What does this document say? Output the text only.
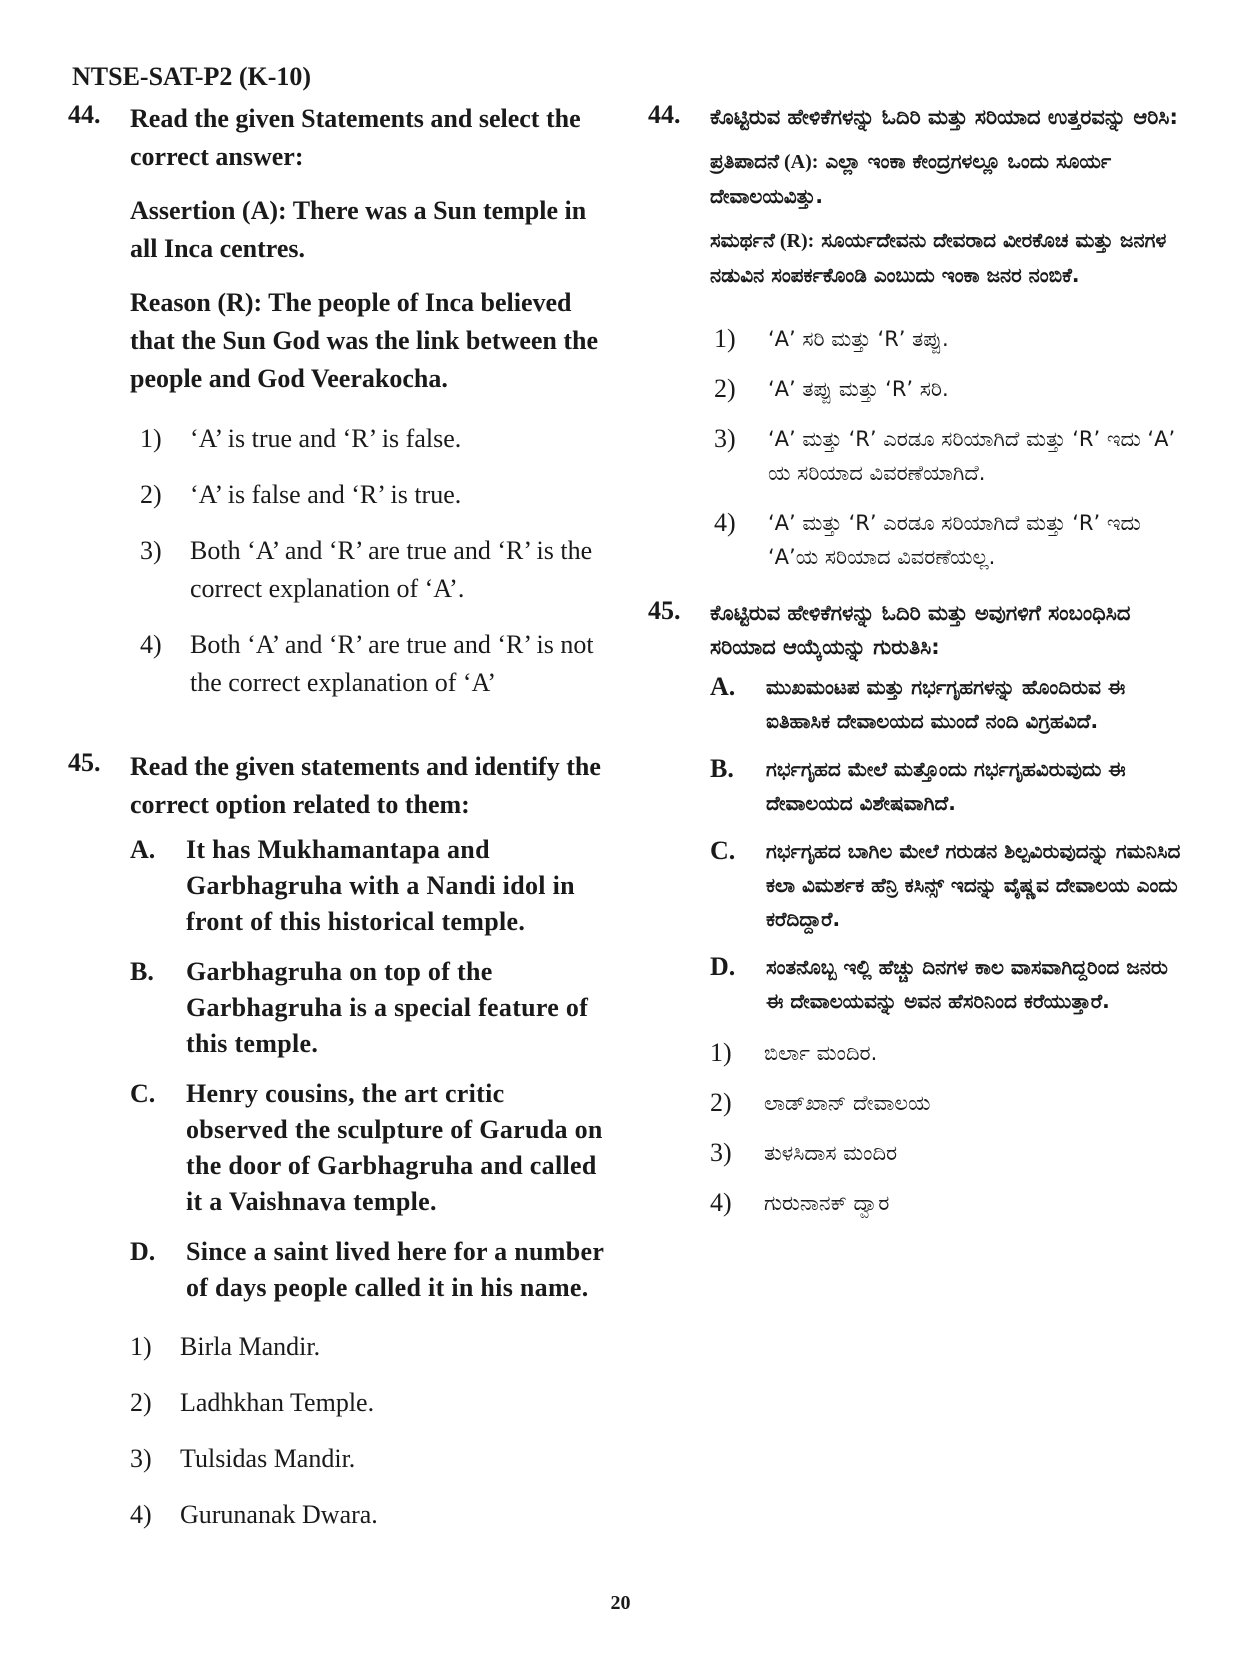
NTSE-SAT-P2 (K-10)
44. Read the given Statements and select the correct answer:
Assertion (A): There was a Sun temple in all Inca centres.
Reason (R): The people of Inca believed that the Sun God was the link between the people and God Veerakocha.
1) ‘A’ is true and ‘R’ is false.
2) ‘A’ is false and ‘R’ is true.
3) Both ‘A’ and ‘R’ are true and ‘R’ is the correct explanation of ‘A’.
4) Both ‘A’ and ‘R’ are true and ‘R’ is not the correct explanation of ‘A’
45. Read the given statements and identify the correct option related to them:
A. It has Mukhamantapa and Garbhagruha with a Nandi idol in front of this historical temple.
B. Garbhagruha on top of the Garbhagruha is a special feature of this temple.
C. Henry cousins, the art critic observed the sculpture of Garuda on the door of Garbhagruha and called it a Vaishnava temple.
D. Since a saint lived here for a number of days people called it in his name.
1) Birla Mandir.
2) Ladhkhan Temple.
3) Tulsidas Mandir.
4) Gurunanak Dwara.
44. ಕೊಟ್ಟಿರುವ ಹೇಳಿಕೆಗಳನ್ನು ಓದಿರಿ ಮತ್ತು ಸರಿಯಾದ ಉತ್ತರವನ್ನು ಆರಿಸಿ:
ಪ್ರತಿಪಾದನೆ (A): ಎಲ್ಲಾ ಇಂಕಾ ಕೇಂದ್ರಗಳಲ್ಲೂ ಒಂದು ಸೂರ್ಯ ದೇವಾಲಯವಿತ್ತು.
ಸಮರ್ಥನೆ (R): ಸೂರ್ಯದೇವನು ದೇವರಾದ ವೀರಕೊಚ ಮತ್ತು ಜನಗಳ ನಡುವಿನ ಸಂಪರ್ಕಕೊಂಡಿ ಎಂಬುದು ಇಂಕಾ ಜನರ ನಂಬಿಕೆ.
1) ‘A’ ಸರಿ ಮತ್ತು ‘R’ ತಪ್ಪು.
2) ‘A’ ತಪ್ಪು ಮತ್ತು ‘R’ ಸರಿ.
3) ‘A’ ಮತ್ತು ‘R’ ಎರಡೂ ಸರಿಯಾಗಿದೆ ಮತ್ತು ‘R’ ಇದು ‘A’ ಯ ಸರಿಯಾದ ವಿವರಣೆಯಾಗಿದೆ.
4) ‘A’ ಮತ್ತು ‘R’ ಎರಡೂ ಸರಿಯಾಗಿದೆ ಮತ್ತು ‘R’ ಇದು ‘A’ಯ ಸರಿಯಾದ ವಿವರಣೆಯಲ್ಲ.
45. ಕೊಟ್ಟಿರುವ ಹೇಳಿಕೆಗಳನ್ನು ಓದಿರಿ ಮತ್ತು ಅವುಗಳಿಗೆ ಸಂಬಂಧಿಸಿದ ಸರಿಯಾದ ಆಯ್ಕೆಯನ್ನು ಗುರುತಿಸಿ:
A. ಮುಖಮಂಟಪ ಮತ್ತು ಗರ್ಭಗೃಹಗಳನ್ನು ಹೊಂದಿರುವ ಈ ಐತಿಹಾಸಿಕ ದೇವಾಲಯದ ಮುಂದೆ ನಂದಿ ವಿಗ್ರಹವಿದೆ.
B. ಗರ್ಭಗೃಹದ ಮೇಲೆ ಮತ್ತೊಂದು ಗರ್ಭಗೃಹವಿರುವುದು ಈ ದೇವಾಲಯದ ವಿಶೇಷವಾಗಿದೆ.
C. ಗರ್ಭಗೃಹದ ಬಾಗಿಲ ಮೇಲೆ ಗರುಡನ ಶಿಲ್ಪವಿರುವುದನ್ನು ಗಮನಿಸಿದ ಕಲಾ ವಿಮರ್ಶಕ ಹೆನ್ರಿ ಕಸಿನ್ಸ್ ಇದನ್ನು ವೈಷ್ಣವ ದೇವಾಲಯ ಎಂದು ಕರೆದಿದ್ದಾರೆ.
D. ಸಂತನೊಬ್ಬ ಇಲ್ಲಿ ಹೆಚ್ಚು ದಿನಗಳ ಕಾಲ ವಾಸವಾಗಿದ್ದರಿಂದ ಜನರು ಈ ದೇವಾಲಯವನ್ನು ಅವನ ಹೆಸರಿನಿಂದ ಕರೆಯುತ್ತಾರೆ.
1) ಬಿರ್ಲಾ ಮಂದಿರ.
2) ಲಾಡ್‌ಖಾನ್ ದೇವಾಲಯ
3) ತುಳಸಿದಾಸ ಮಂದಿರ
4) ಗುರುನಾನಕ್ ದ್ವಾರ
20
